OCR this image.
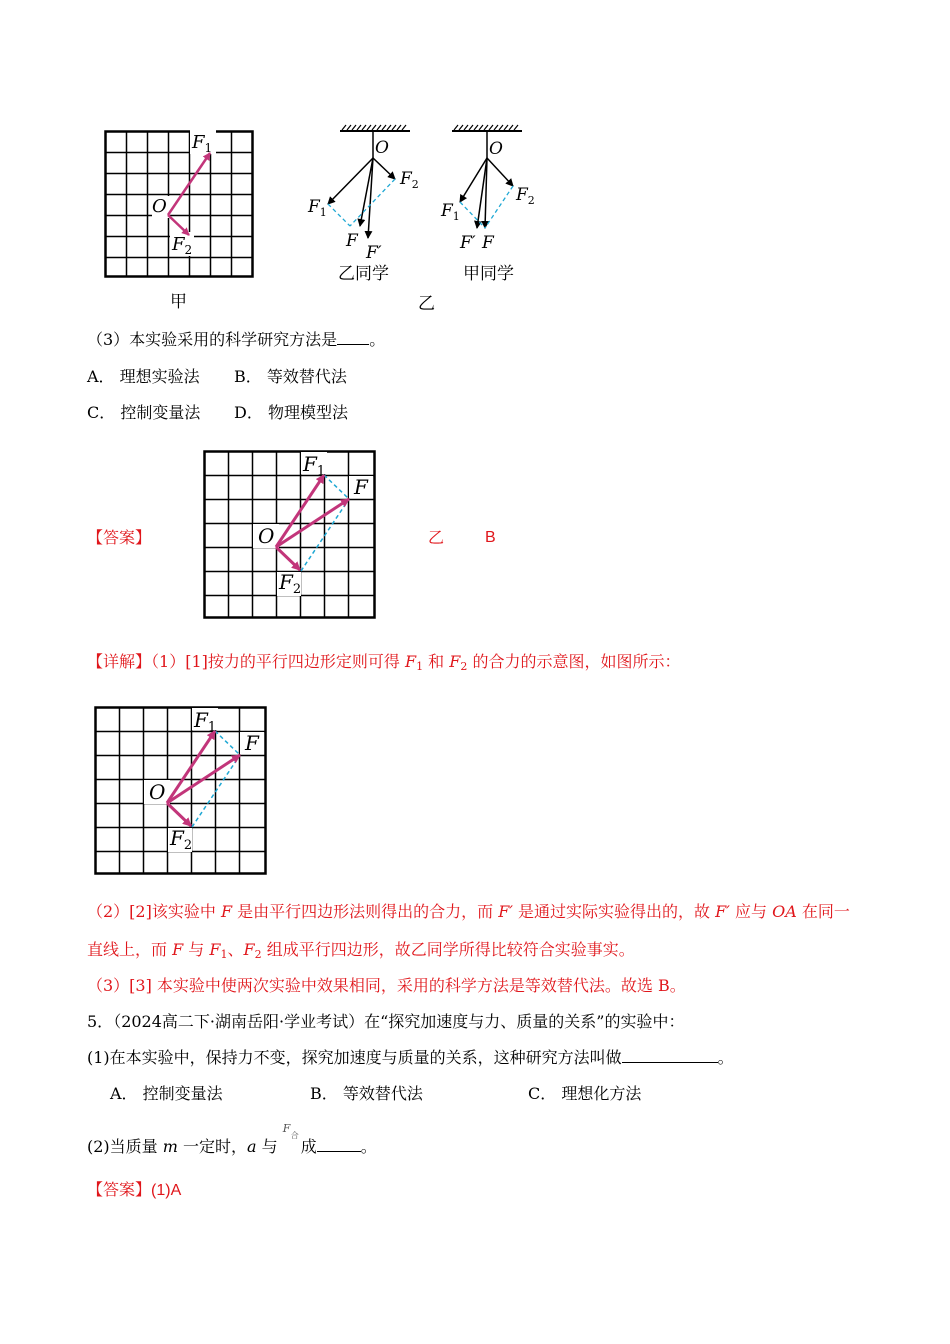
O
$F_1$
$F_2$
甲
O
$F_2$
$F_1$
F
F′
O
$F_2$
$F_1$
F′ F
乙同学	甲同学
乙
（3）本实验采用的科学研究方法是 。
A． 理想实验法 B． 等效替代法
C． 控制变量法 D． 物理模型法
【答案】	O
$F_1$
F
$F_2$
乙	B
【详解】（1）[1]按力的平行四边形定则可得 $F_1$ 和 $F_2$ 的合力的示意图，如图所示：
O
$F_1$
F
$F_2$
（2）[2]该实验中 F 是由平行四边形法则得出的合力，而 F′ 是通过实际实验得出的，故 F′ 应与 OA 在同一
直线上，而 F 与 $F_1$、$F_2$ 组成平行四边形，故乙同学所得比较符合实验事实。
（3）[3] 本实验中使两次实验中效果相同，采用的科学方法是等效替代法。故选 B。
5．（2024高二下·湖南岳阳·学业考试）在“探究加速度与力、质量的关系”的实验中：
(1)在本实验中，保持力不变，探究加速度与质量的关系，这种研究方法叫做	。
A． 控制变量法	B． 等效替代法	C． 理想化方法
(2)当质量 m 一定时，a 与
F
合
成	。
【答案】(1)A
